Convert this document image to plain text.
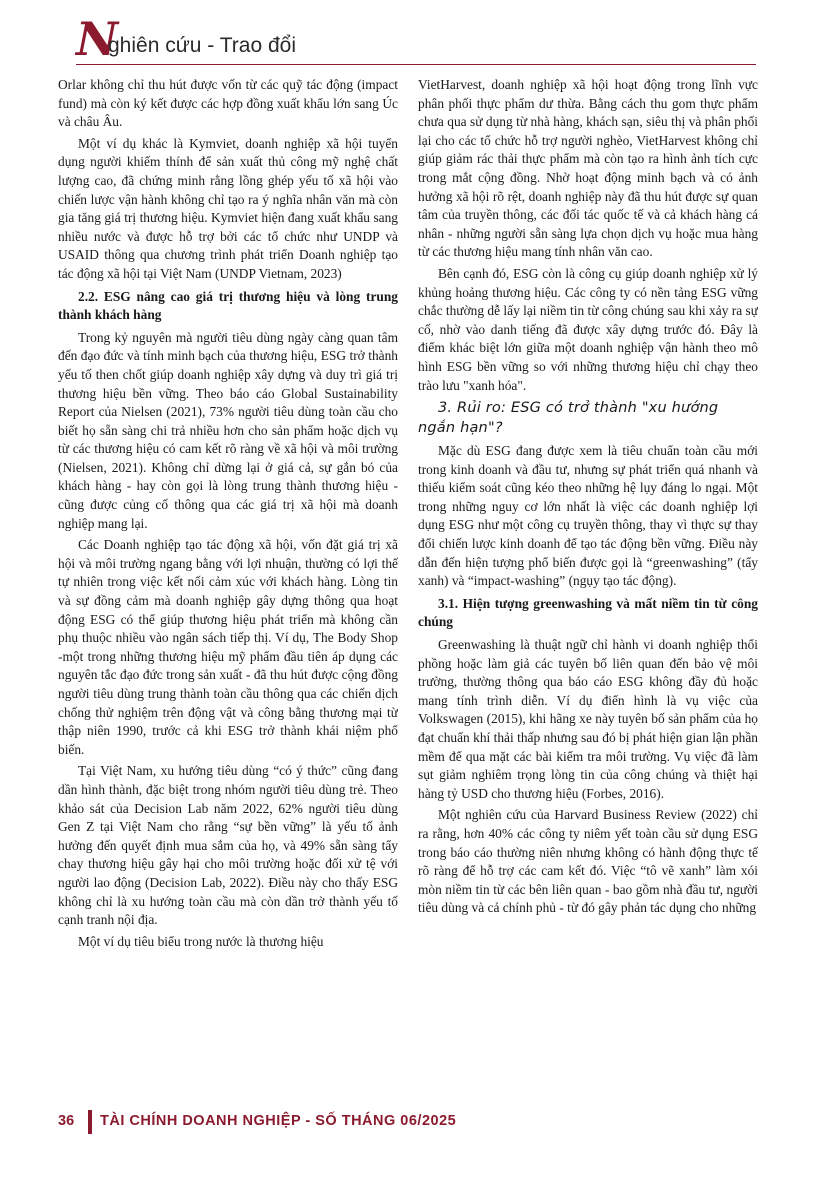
N
ghiên cứu - Trao đổi

Orlar không chỉ thu hút được vốn từ các quỹ tác động (impact fund) mà còn ký kết được các hợp đồng xuất khẩu lớn sang Úc và châu Âu.

Một ví dụ khác là Kymviet, doanh nghiệp xã hội tuyển dụng người khiếm thính để sản xuất thủ công mỹ nghệ chất lượng cao, đã chứng minh rằng lồng ghép yếu tố xã hội vào chiến lược vận hành không chỉ tạo ra ý nghĩa nhân văn mà còn gia tăng giá trị thương hiệu. Kymviet hiện đang xuất khẩu sang nhiều nước và được hỗ trợ bởi các tổ chức như UNDP và USAID thông qua chương trình phát triển Doanh nghiệp tạo tác động xã hội tại Việt Nam (UNDP Vietnam, 2023)

2.2. ESG nâng cao giá trị thương hiệu và lòng trung thành khách hàng

Trong kỷ nguyên mà người tiêu dùng ngày càng quan tâm đến đạo đức và tính minh bạch của thương hiệu, ESG trở thành yếu tố then chốt giúp doanh nghiệp xây dựng và duy trì giá trị thương hiệu bền vững. Theo báo cáo Global Sustainability Report của Nielsen (2021), 73% người tiêu dùng toàn cầu cho biết họ sẵn sàng chi trả nhiều hơn cho sản phẩm hoặc dịch vụ từ các thương hiệu có cam kết rõ ràng về xã hội và môi trường (Nielsen, 2021). Không chỉ dừng lại ở giá cả, sự gắn bó của khách hàng - hay còn gọi là lòng trung thành thương hiệu - cũng được củng cố thông qua các giá trị xã hội mà doanh nghiệp mang lại.

Các Doanh nghiệp tạo tác động xã hội, vốn đặt giá trị xã hội và môi trường ngang bằng với lợi nhuận, thường có lợi thế tự nhiên trong việc kết nối cảm xúc với khách hàng. Lòng tin và sự đồng cảm mà doanh nghiệp gây dựng thông qua hoạt động ESG có thể giúp thương hiệu phát triển mà không cần phụ thuộc nhiều vào ngân sách tiếp thị. Ví dụ, The Body Shop -một trong những thương hiệu mỹ phẩm đầu tiên áp dụng các nguyên tắc đạo đức trong sản xuất - đã thu hút được cộng đồng người tiêu dùng trung thành toàn cầu thông qua các chiến dịch chống thử nghiệm trên động vật và công bằng thương mại từ thập niên 1990, trước cả khi ESG trở thành khái niệm phổ biến.

Tại Việt Nam, xu hướng tiêu dùng “có ý thức” cũng đang dần hình thành, đặc biệt trong nhóm người tiêu dùng trẻ. Theo khảo sát của Decision Lab năm 2022, 62% người tiêu dùng Gen Z tại Việt Nam cho rằng “sự bền vững” là yếu tố ảnh hưởng đến quyết định mua sắm của họ, và 49% sẵn sàng tẩy chay thương hiệu gây hại cho môi trường hoặc đối xử tệ với người lao động (Decision Lab, 2022). Điều này cho thấy ESG không chỉ là xu hướng toàn cầu mà còn dần trở thành yếu tố cạnh tranh nội địa.

Một ví dụ tiêu biểu trong nước là thương hiệu

VietHarvest, doanh nghiệp xã hội hoạt động trong lĩnh vực phân phối thực phẩm dư thừa. Bằng cách thu gom thực phẩm chưa qua sử dụng từ nhà hàng, khách sạn, siêu thị và phân phối lại cho các tổ chức hỗ trợ người nghèo, VietHarvest không chỉ giúp giảm rác thải thực phẩm mà còn tạo ra hình ảnh tích cực trong mắt cộng đồng. Nhờ hoạt động minh bạch và có ảnh hưởng xã hội rõ rệt, doanh nghiệp này đã thu hút được sự quan tâm của truyền thông, các đối tác quốc tế và cả khách hàng cá nhân - những người sẵn sàng lựa chọn dịch vụ hoặc mua hàng từ các thương hiệu mang tính nhân văn cao.

Bên cạnh đó, ESG còn là công cụ giúp doanh nghiệp xử lý khủng hoảng thương hiệu. Các công ty có nền tảng ESG vững chắc thường dễ lấy lại niềm tin từ công chúng sau khi xảy ra sự cố, nhờ vào danh tiếng đã được xây dựng trước đó. Đây là điểm khác biệt lớn giữa một doanh nghiệp vận hành theo mô hình ESG bền vững so với những thương hiệu chỉ chạy theo trào lưu "xanh hóa".

3. Rủi ro: ESG có trở thành "xu hướng ngắn hạn"?

Mặc dù ESG đang được xem là tiêu chuẩn toàn cầu mới trong kinh doanh và đầu tư, nhưng sự phát triển quá nhanh và thiếu kiểm soát cũng kéo theo những hệ lụy đáng lo ngại. Một trong những nguy cơ lớn nhất là việc các doanh nghiệp lợi dụng ESG như một công cụ truyền thông, thay vì thực sự thay đổi chiến lược kinh doanh để tạo tác động bền vững. Điều này dẫn đến hiện tượng phổ biến được gọi là “greenwashing” (tẩy xanh) và “impact-washing” (ngụy tạo tác động).

3.1. Hiện tượng greenwashing và mất niềm tin từ công chúng

Greenwashing là thuật ngữ chỉ hành vi doanh nghiệp thổi phồng hoặc làm giả các tuyên bố liên quan đến bảo vệ môi trường, thường thông qua báo cáo ESG không đầy đủ hoặc mang tính trình diễn. Ví dụ điển hình là vụ việc của Volkswagen (2015), khi hãng xe này tuyên bố sản phẩm của họ đạt chuẩn khí thải thấp nhưng sau đó bị phát hiện gian lận phần mềm để qua mặt các bài kiểm tra môi trường. Vụ việc đã làm sụt giảm nghiêm trọng lòng tin của công chúng và thiệt hại hàng tỷ USD cho thương hiệu (Forbes, 2016).

Một nghiên cứu của Harvard Business Review (2022) chỉ ra rằng, hơn 40% các công ty niêm yết toàn cầu sử dụng ESG trong báo cáo thường niên nhưng không có hành động thực tế rõ ràng để hỗ trợ các cam kết đó. Việc “tô vẽ xanh” làm xói mòn niềm tin từ các bên liên quan - bao gồm nhà đầu tư, người tiêu dùng và cả chính phủ - từ đó gây phản tác dụng cho những

36 TÀI CHÍNH DOANH NGHIỆP - SỐ THÁNG 06/2025
